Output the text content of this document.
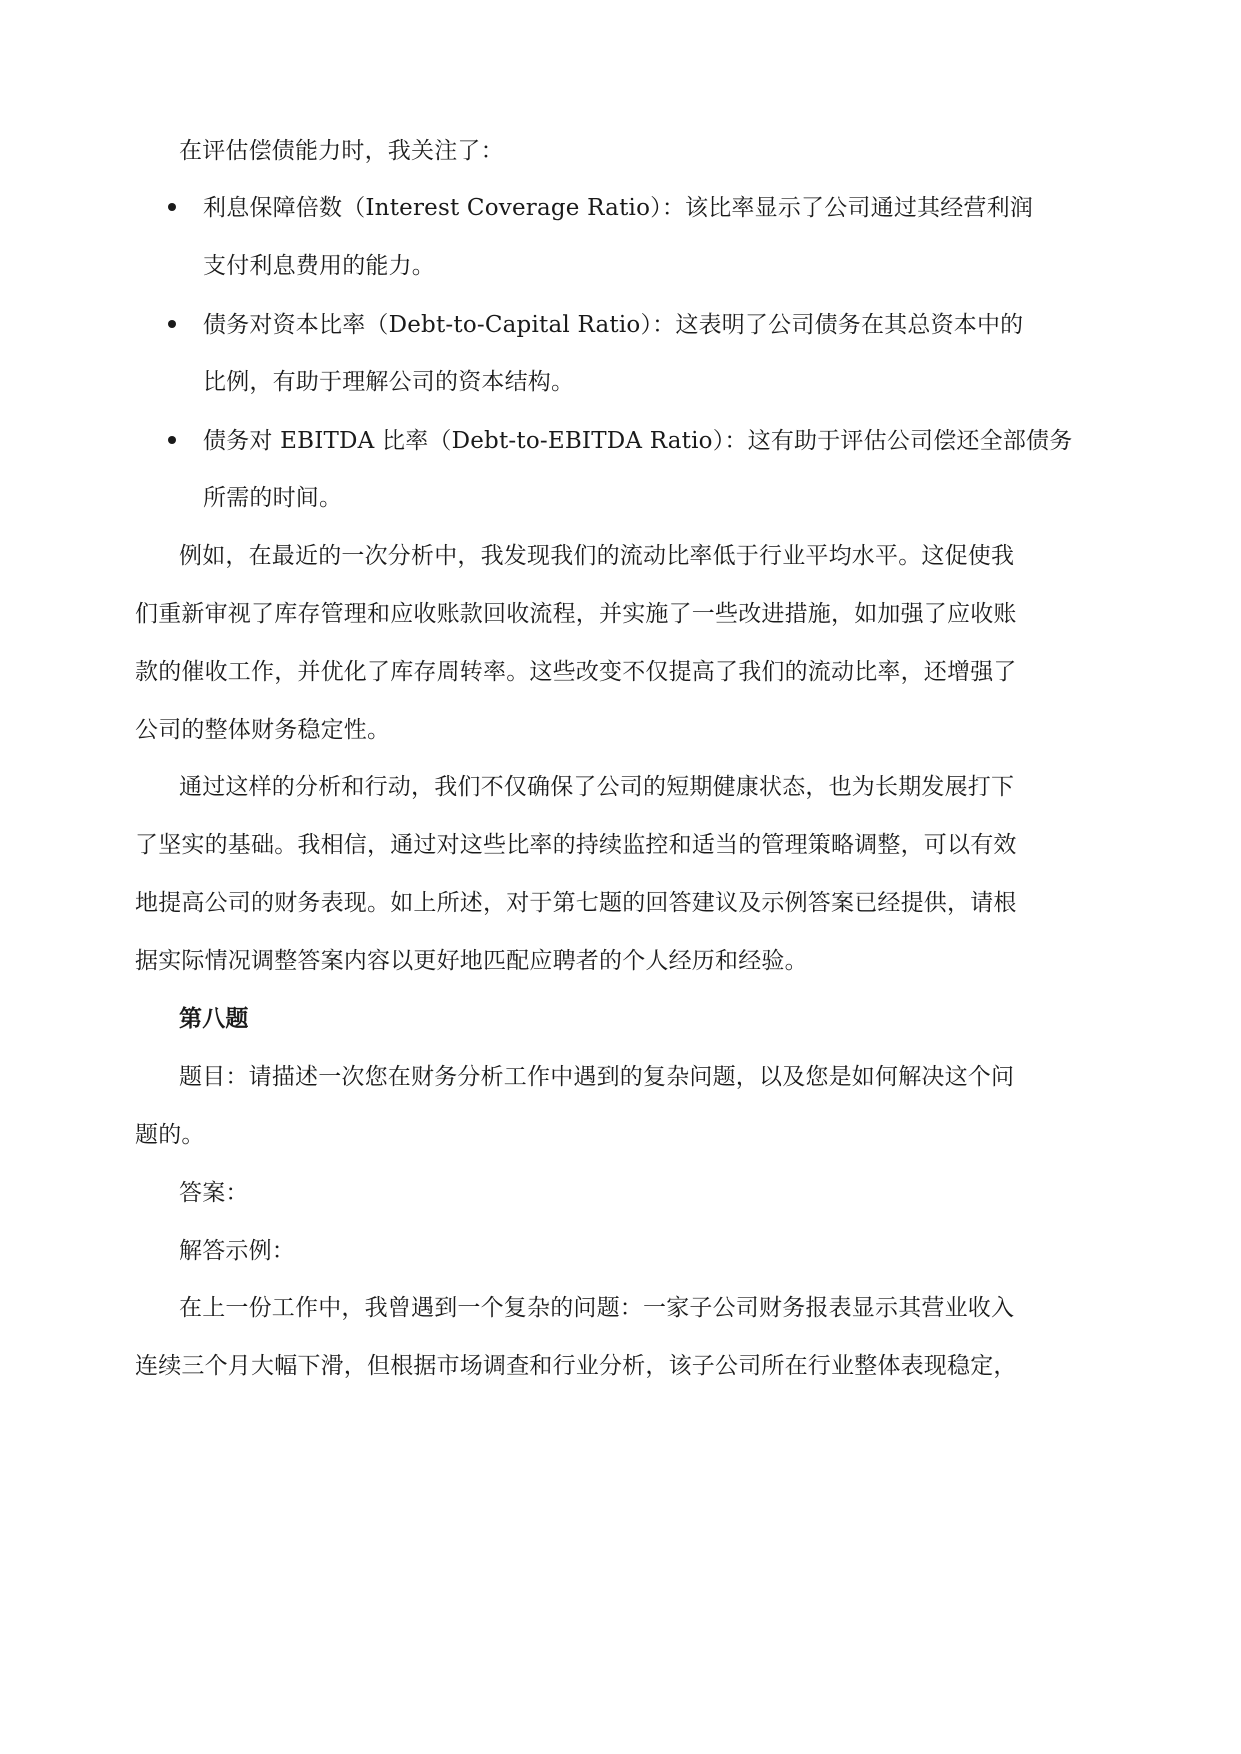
在评估偿债能力时，我关注了：
利息保障倍数（Interest Coverage Ratio）：该比率显示了公司通过其经营利润
支付利息费用的能力。
债务对资本比率（Debt-to-Capital Ratio）：这表明了公司债务在其总资本中的
比例，有助于理解公司的资本结构。
债务对 EBITDA 比率（Debt-to-EBITDA Ratio）：这有助于评估公司偿还全部债务
所需的时间。
例如，在最近的一次分析中，我发现我们的流动比率低于行业平均水平。这促使我
们重新审视了库存管理和应收账款回收流程，并实施了一些改进措施，如加强了应收账
款的催收工作，并优化了库存周转率。这些改变不仅提高了我们的流动比率，还增强了
公司的整体财务稳定性。
通过这样的分析和行动，我们不仅确保了公司的短期健康状态，也为长期发展打下
了坚实的基础。我相信，通过对这些比率的持续监控和适当的管理策略调整，可以有效
地提高公司的财务表现。如上所述，对于第七题的回答建议及示例答案已经提供，请根
据实际情况调整答案内容以更好地匹配应聘者的个人经历和经验。
第八题
题目：请描述一次您在财务分析工作中遇到的复杂问题，以及您是如何解决这个问
题的。
答案：
解答示例：
在上一份工作中，我曾遇到一个复杂的问题：一家子公司财务报表显示其营业收入
连续三个月大幅下滑，但根据市场调查和行业分析，该子公司所在行业整体表现稳定，
